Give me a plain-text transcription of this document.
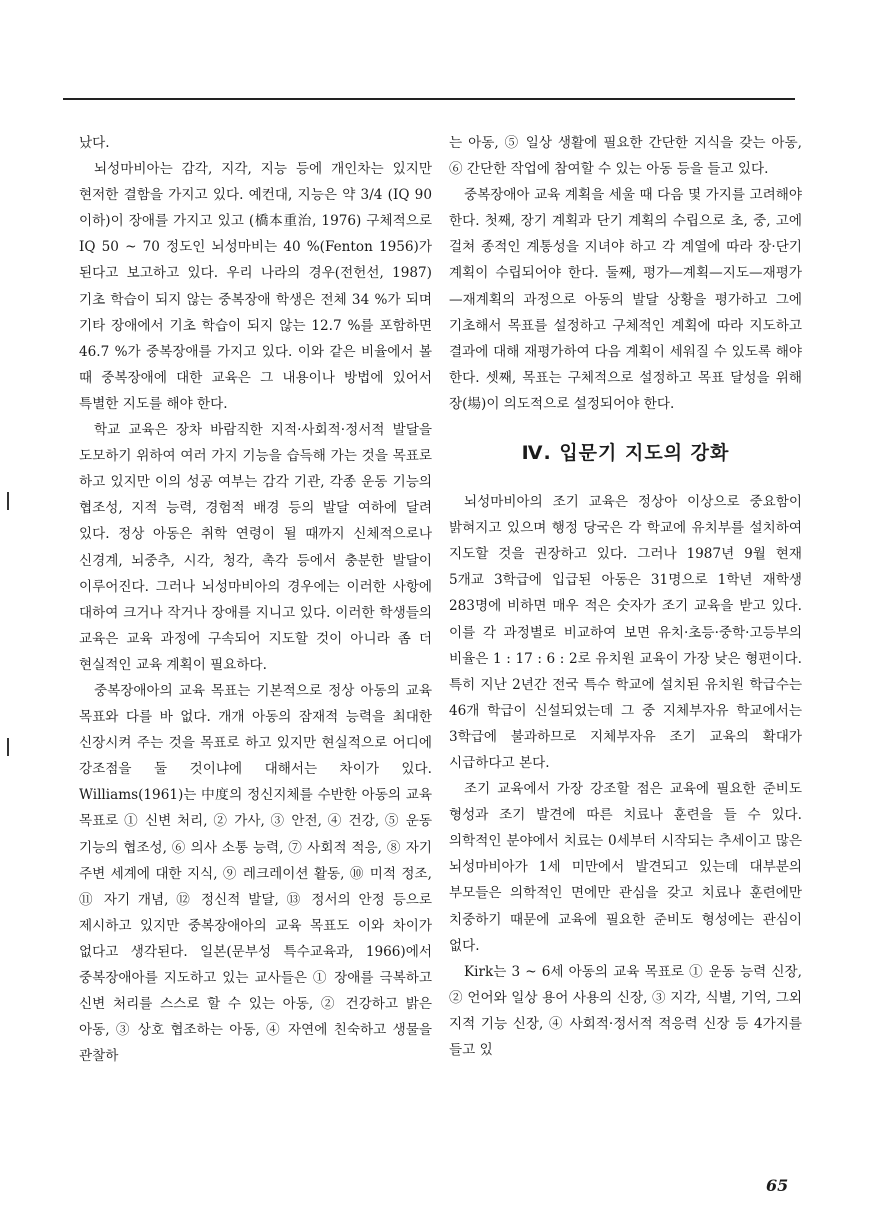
났다.

뇌성마비아는 감각, 지각, 지능 등에 개인차는 있지만 현저한 결함을 가지고 있다. 예컨대, 지능은 약 3/4 (IQ 90 이하)이 장애를 가지고 있고 (橋本重治, 1976) 구체적으로 IQ 50 ~ 70 정도인 뇌성마비는 40 %(Fenton 1956)가 된다고 보고하고 있다. 우리 나라의 경우(전헌선, 1987) 기초 학습이 되지 않는 중복장애 학생은 전체 34 %가 되며 기타 장애에서 기초 학습이 되지 않는 12.7 %를 포함하면 46.7 %가 중복장애를 가지고 있다. 이와 같은 비율에서 볼 때 중복장애에 대한 교육은 그 내용이나 방법에 있어서 특별한 지도를 해야 한다.

학교 교육은 장차 바람직한 지적·사회적·정서적 발달을 도모하기 위하여 여러 가지 기능을 습득해 가는 것을 목표로 하고 있지만 이의 성공 여부는 감각 기관, 각종 운동 기능의 협조성, 지적 능력, 경험적 배경 등의 발달 여하에 달려 있다. 정상 아동은 취학 연령이 될 때까지 신체적으로나 신경계, 뇌중추, 시각, 청각, 촉각 등에서 충분한 발달이 이루어진다. 그러나 뇌성마비아의 경우에는 이러한 사항에 대하여 크거나 작거나 장애를 지니고 있다. 이러한 학생들의 교육은 교육 과정에 구속되어 지도할 것이 아니라 좀 더 현실적인 교육 계획이 필요하다.

중복장애아의 교육 목표는 기본적으로 정상 아동의 교육 목표와 다를 바 없다. 개개 아동의 잠재적 능력을 최대한 신장시켜 주는 것을 목표로 하고 있지만 현실적으로 어디에 강조점을 둘 것이냐에 대해서는 차이가 있다. Williams(1961)는 中度의 정신지체를 수반한 아동의 교육 목표로 ① 신변 처리, ② 가사, ③ 안전, ④ 건강, ⑤ 운동 기능의 협조성, ⑥ 의사 소통 능력, ⑦ 사회적 적응, ⑧ 자기 주변 세계에 대한 지식, ⑨ 레크레이션 활동, ⑩ 미적 정조, ⑪ 자기 개념, ⑫ 정신적 발달, ⑬ 정서의 안정 등으로 제시하고 있지만 중복장애아의 교육 목표도 이와 차이가 없다고 생각된다. 일본(문부성 특수교육과, 1966)에서 중복장애아를 지도하고 있는 교사들은 ① 장애를 극복하고 신변 처리를 스스로 할 수 있는 아동, ② 건강하고 밝은 아동, ③ 상호 협조하는 아동, ④ 자연에 친숙하고 생물을 관찰하

는 아동, ⑤ 일상 생활에 필요한 간단한 지식을 갖는 아동, ⑥ 간단한 작업에 참여할 수 있는 아동 등을 들고 있다.

중복장애아 교육 계획을 세울 때 다음 몇 가지를 고려해야 한다. 첫째, 장기 계획과 단기 계획의 수립으로 초, 중, 고에 걸쳐 종적인 계통성을 지녀야 하고 각 계열에 따라 장·단기 계획이 수립되어야 한다. 둘째, 평가—계획—지도—재평가—재계획의 과정으로 아동의 발달 상황을 평가하고 그에 기초해서 목표를 설정하고 구체적인 계획에 따라 지도하고 결과에 대해 재평가하여 다음 계획이 세워질 수 있도록 해야 한다. 셋째, 목표는 구체적으로 설정하고 목표 달성을 위해 장(場)이 의도적으로 설정되어야 한다.

Ⅳ. 입문기 지도의 강화

뇌성마비아의 조기 교육은 정상아 이상으로 중요함이 밝혀지고 있으며 행정 당국은 각 학교에 유치부를 설치하여 지도할 것을 권장하고 있다. 그러나 1987년 9월 현재 5개교 3학급에 입급된 아동은 31명으로 1학년 재학생 283명에 비하면 매우 적은 숫자가 조기 교육을 받고 있다. 이를 각 과정별로 비교하여 보면 유치·초등·중학·고등부의 비율은 1 : 17 : 6 : 2로 유치원 교육이 가장 낮은 형편이다. 특히 지난 2년간 전국 특수 학교에 설치된 유치원 학급수는 46개 학급이 신설되었는데 그 중 지체부자유 학교에서는 3학급에 불과하므로 지체부자유 조기 교육의 확대가 시급하다고 본다.

조기 교육에서 가장 강조할 점은 교육에 필요한 준비도 형성과 조기 발견에 따른 치료나 훈련을 들 수 있다. 의학적인 분야에서 치료는 0세부터 시작되는 추세이고 많은 뇌성마비아가 1세 미만에서 발견되고 있는데 대부분의 부모들은 의학적인 면에만 관심을 갖고 치료나 훈련에만 치중하기 때문에 교육에 필요한 준비도 형성에는 관심이 없다.

Kirk는 3 ~ 6세 아동의 교육 목표로 ① 운동 능력 신장, ② 언어와 일상 용어 사용의 신장, ③ 지각, 식별, 기억, 그외 지적 기능 신장, ④ 사회적·정서적 적응력 신장 등 4가지를 들고 있

65
